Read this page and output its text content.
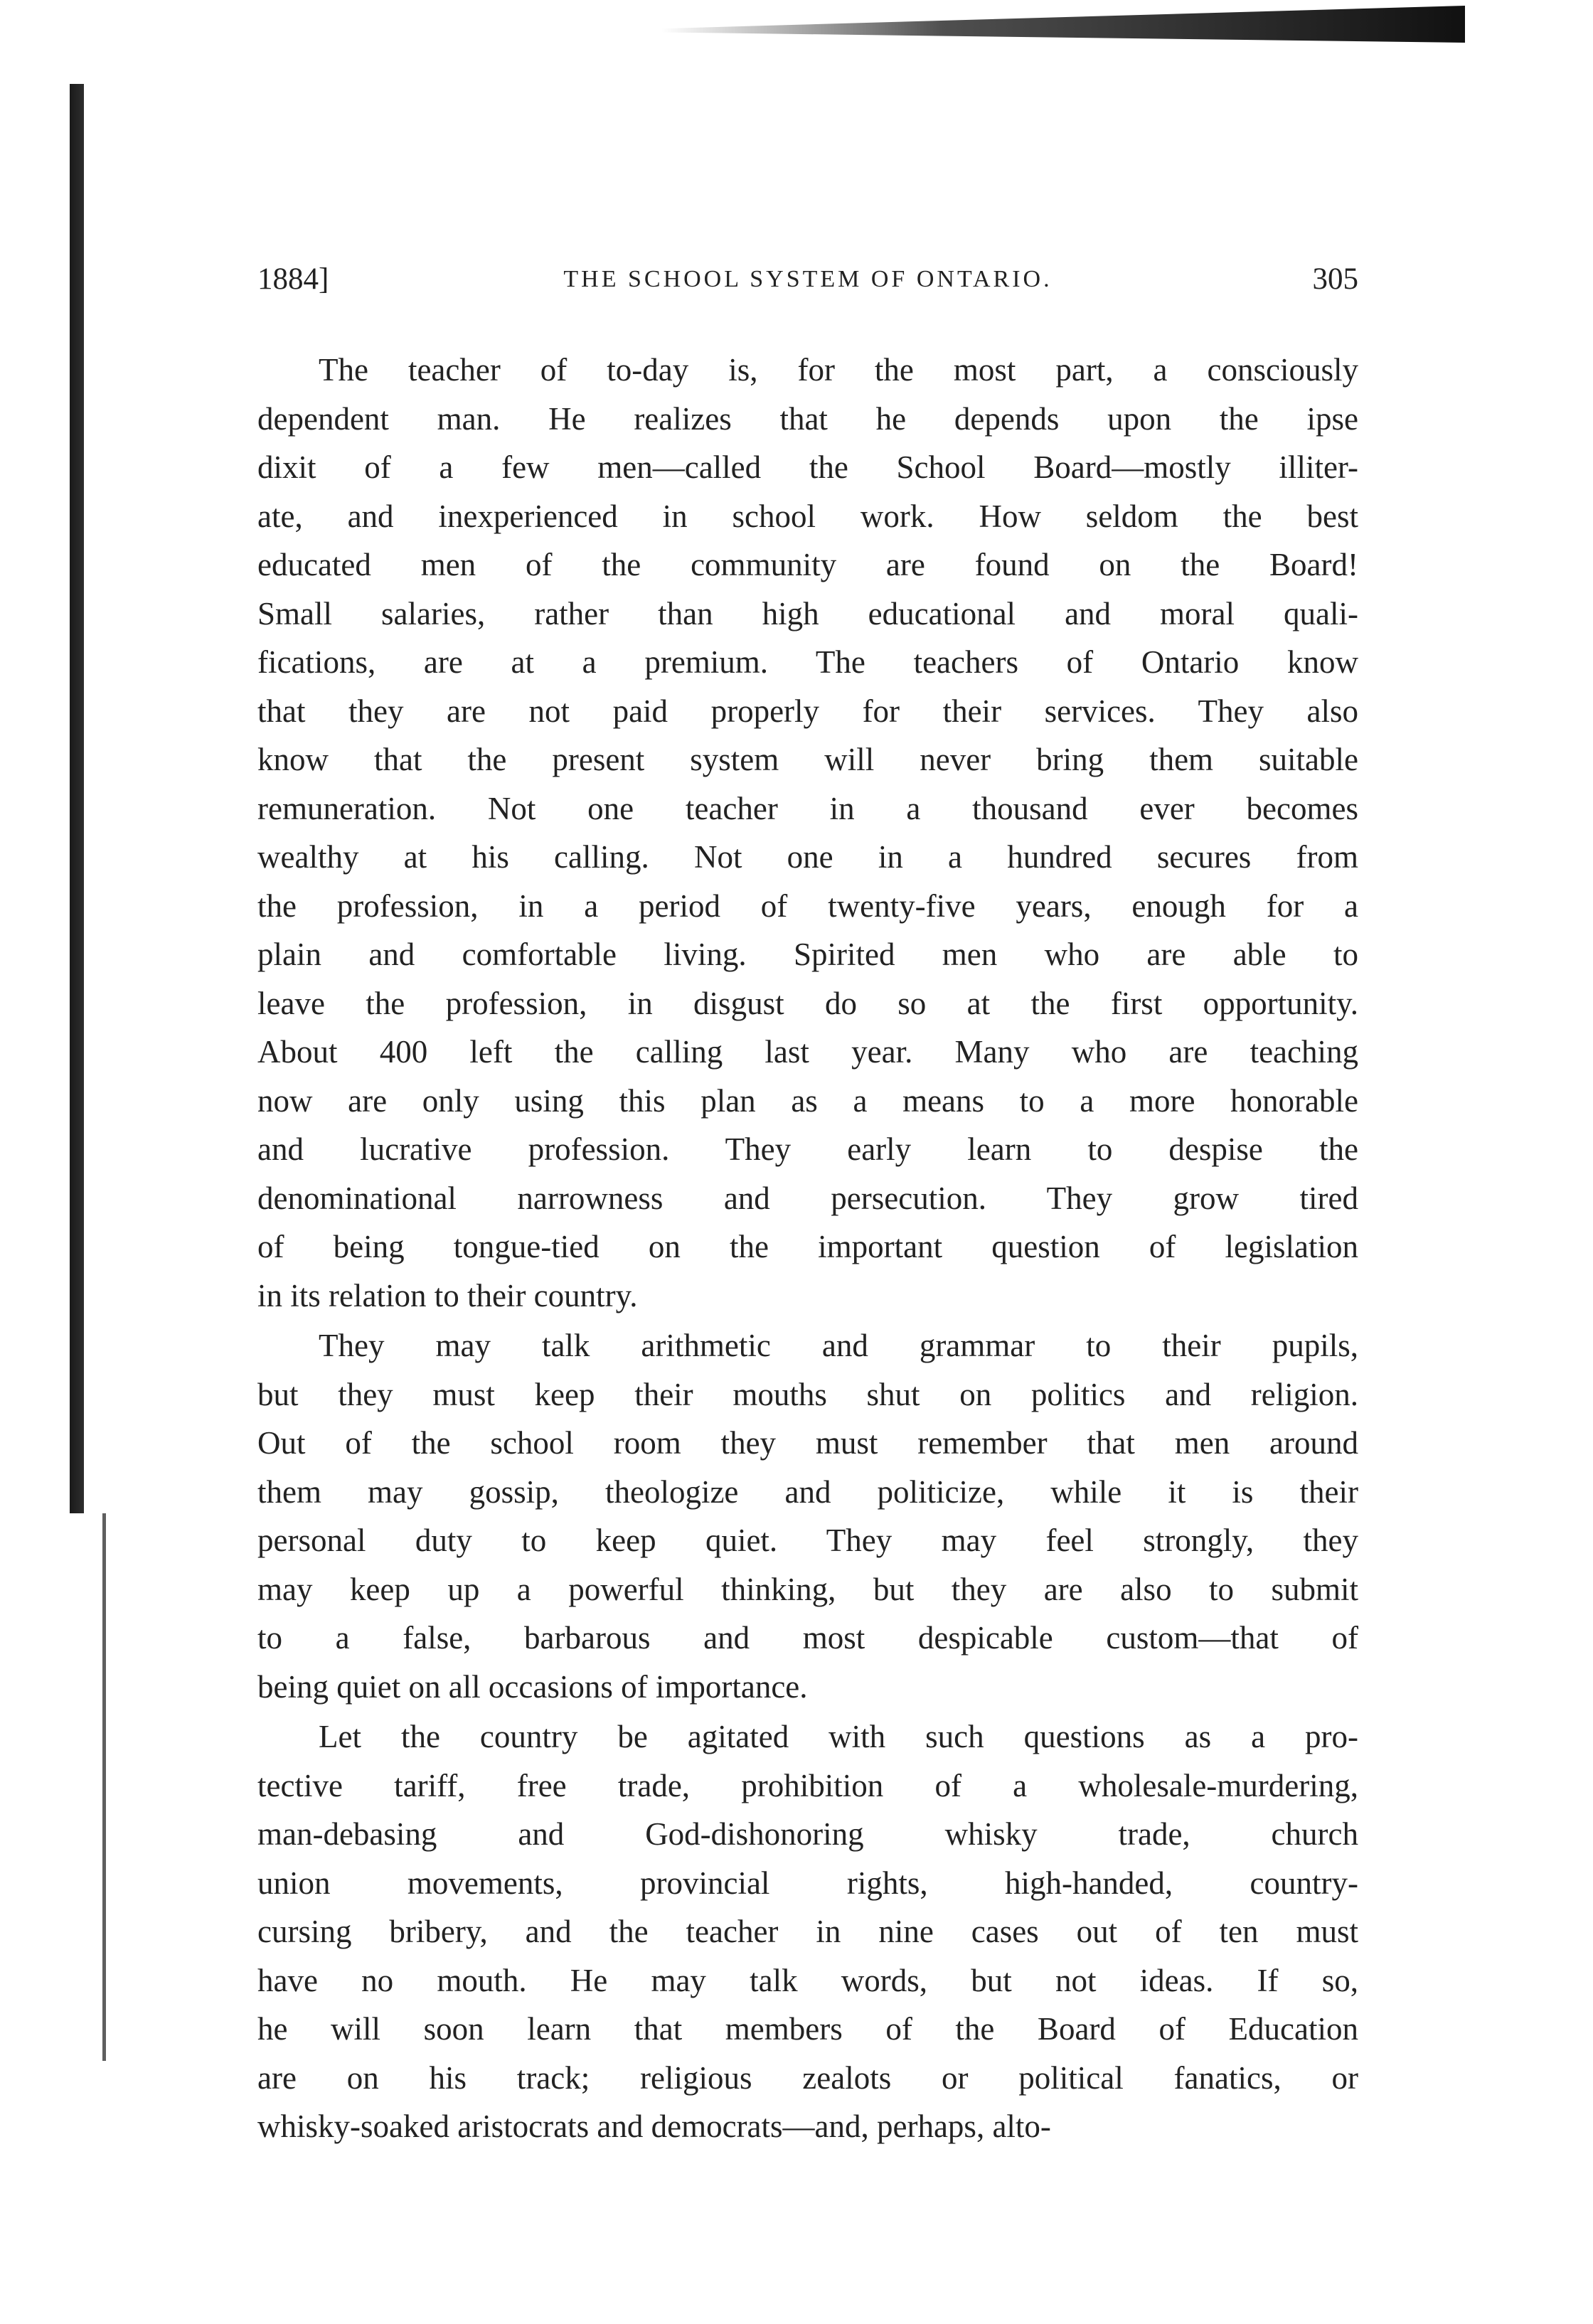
1884]	THE SCHOOL SYSTEM OF ONTARIO.	305
The teacher of to-day is, for the most part, a consciously
dependent man. He realizes that he depends upon the ipse
dixit of a few men—called the School Board—mostly illiter-
ate, and inexperienced in school work. How seldom the best
educated men of the community are found on the Board!
Small salaries, rather than high educational and moral quali-
fications, are at a premium. The teachers of Ontario know
that they are not paid properly for their services. They also
know that the present system will never bring them suitable
remuneration. Not one teacher in a thousand ever becomes
wealthy at his calling. Not one in a hundred secures from
the profession, in a period of twenty-five years, enough for a
plain and comfortable living. Spirited men who are able to
leave the profession, in disgust do so at the first opportunity.
About 400 left the calling last year. Many who are teaching
now are only using this plan as a means to a more honorable
and lucrative profession. They early learn to despise the
denominational narrowness and persecution. They grow tired
of being tongue-tied on the important question of legislation
in its relation to their country.
They may talk arithmetic and grammar to their pupils,
but they must keep their mouths shut on politics and religion.
Out of the school room they must remember that men around
them may gossip, theologize and politicize, while it is their
personal duty to keep quiet. They may feel strongly, they
may keep up a powerful thinking, but they are also to submit
to a false, barbarous and most despicable custom—that of
being quiet on all occasions of importance.
Let the country be agitated with such questions as a pro-
tective tariff, free trade, prohibition of a wholesale-murdering,
man-debasing and God-dishonoring whisky trade, church
union movements, provincial rights, high-handed, country-
cursing bribery, and the teacher in nine cases out of ten must
have no mouth. He may talk words, but not ideas. If so,
he will soon learn that members of the Board of Education
are on his track; religious zealots or political fanatics, or
whisky-soaked aristocrats and democrats—and, perhaps, alto-
